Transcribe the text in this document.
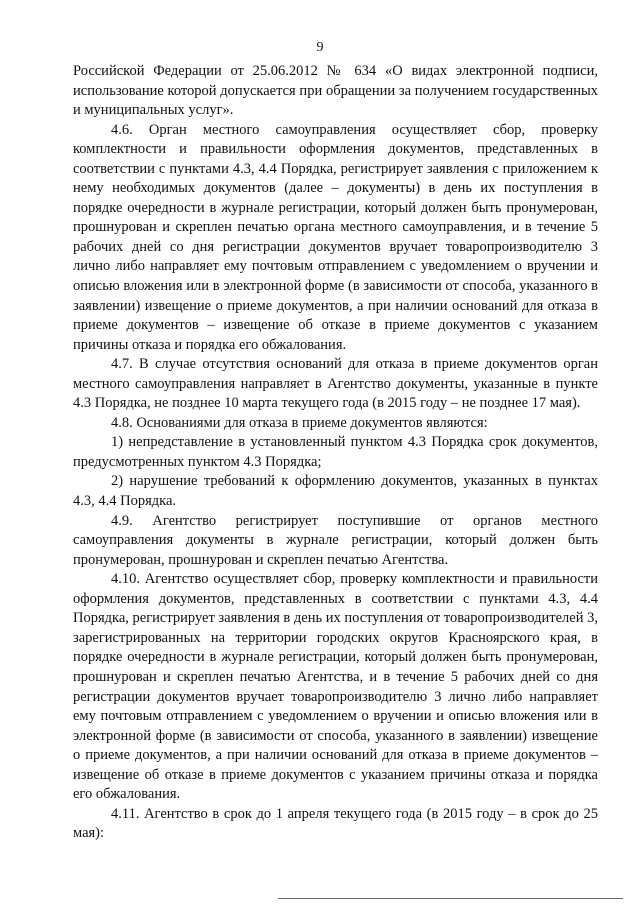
9

Российской Федерации от 25.06.2012 № 634 «О видах электронной подписи, использование которой допускается при обращении за получением государственных и муниципальных услуг».

4.6. Орган местного самоуправления осуществляет сбор, проверку комплектности и правильности оформления документов, представленных в соответствии с пунктами 4.3, 4.4 Порядка, регистрирует заявления с приложением к нему необходимых документов (далее – документы) в день их поступления в порядке очередности в журнале регистрации, который должен быть пронумерован, прошнурован и скреплен печатью органа местного самоуправления, и в течение 5 рабочих дней со дня регистрации документов вручает товаропроизводителю 3 лично либо направляет ему почтовым отправлением с уведомлением о вручении и описью вложения или в электронной форме (в зависимости от способа, указанного в заявлении) извещение о приеме документов, а при наличии оснований для отказа в приеме документов – извещение об отказе в приеме документов с указанием причины отказа и порядка его обжалования.

4.7. В случае отсутствия оснований для отказа в приеме документов орган местного самоуправления направляет в Агентство документы, указанные в пункте 4.3 Порядка, не позднее 10 марта текущего года (в 2015 году – не позднее 17 мая).

4.8. Основаниями для отказа в приеме документов являются:

1) непредставление в установленный пунктом 4.3 Порядка срок документов, предусмотренных пунктом 4.3 Порядка;

2) нарушение требований к оформлению документов, указанных в пунктах 4.3, 4.4 Порядка.

4.9. Агентство регистрирует поступившие от органов местного самоуправления документы в журнале регистрации, который должен быть пронумерован, прошнурован и скреплен печатью Агентства.

4.10. Агентство осуществляет сбор, проверку комплектности и правильности оформления документов, представленных в соответствии с пунктами 4.3, 4.4 Порядка, регистрирует заявления в день их поступления от товаропроизводителей 3, зарегистрированных на территории городских округов Красноярского края, в порядке очередности в журнале регистрации, который должен быть пронумерован, прошнурован и скреплен печатью Агентства, и в течение 5 рабочих дней со дня регистрации документов вручает товаропроизводителю 3 лично либо направляет ему почтовым отправлением с уведомлением о вручении и описью вложения или в электронной форме (в зависимости от способа, указанного в заявлении) извещение о приеме документов, а при наличии оснований для отказа в приеме документов – извещение об отказе в приеме документов с указанием причины отказа и порядка его обжалования.

4.11. Агентство в срок до 1 апреля текущего года (в 2015 году – в срок до 25 мая):
